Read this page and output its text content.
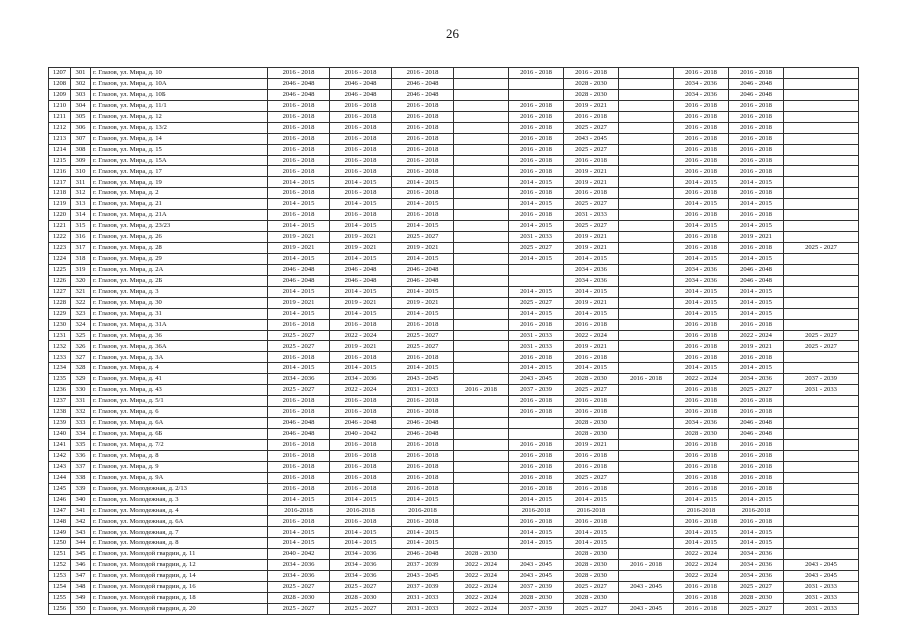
26
1207	301	г. Глазов, ул. Мира, д. 10	2016 - 2018	2016 - 2018	2016 - 2018		2016 - 2018	2016 - 2018		2016 - 2018	2016 - 2018	
1208	302	г. Глазов, ул. Мира, д. 10А	2046 - 2048	2046 - 2048	2046 - 2048			2028 - 2030		2034 - 2036	2046 - 2048	
1209	303	г. Глазов, ул. Мира, д. 10Б	2046 - 2048	2046 - 2048	2046 - 2048			2028 - 2030		2034 - 2036	2046 - 2048	
1210	304	г. Глазов, ул. Мира, д. 11/1	2016 - 2018	2016 - 2018	2016 - 2018		2016 - 2018	2019 - 2021		2016 - 2018	2016 - 2018	
1211	305	г. Глазов, ул. Мира, д. 12	2016 - 2018	2016 - 2018	2016 - 2018		2016 - 2018	2016 - 2018		2016 - 2018	2016 - 2018	
1212	306	г. Глазов, ул. Мира, д. 13/2	2016 - 2018	2016 - 2018	2016 - 2018		2016 - 2018	2025 - 2027		2016 - 2018	2016 - 2018	
1213	307	г. Глазов, ул. Мира, д. 14	2016 - 2018	2016 - 2018	2016 - 2018		2016 - 2018	2043 - 2045		2016 - 2018	2016 - 2018	
1214	308	г. Глазов, ул. Мира, д. 15	2016 - 2018	2016 - 2018	2016 - 2018		2016 - 2018	2025 - 2027		2016 - 2018	2016 - 2018	
1215	309	г. Глазов, ул. Мира, д. 15А	2016 - 2018	2016 - 2018	2016 - 2018		2016 - 2018	2016 - 2018		2016 - 2018	2016 - 2018	
1216	310	г. Глазов, ул. Мира, д. 17	2016 - 2018	2016 - 2018	2016 - 2018		2016 - 2018	2019 - 2021		2016 - 2018	2016 - 2018	
1217	311	г. Глазов, ул. Мира, д. 19	2014 - 2015	2014 - 2015	2014 - 2015		2014 - 2015	2019 - 2021		2014 - 2015	2014 - 2015	
1218	312	г. Глазов, ул. Мира, д. 2	2016 - 2018	2016 - 2018	2016 - 2018		2016 - 2018	2016 - 2018		2016 - 2018	2016 - 2018	
1219	313	г. Глазов, ул. Мира, д. 21	2014 - 2015	2014 - 2015	2014 - 2015		2014 - 2015	2025 - 2027		2014 - 2015	2014 - 2015	
1220	314	г. Глазов, ул. Мира, д. 21А	2016 - 2018	2016 - 2018	2016 - 2018		2016 - 2018	2031 - 2033		2016 - 2018	2016 - 2018	
1221	315	г. Глазов, ул. Мира, д. 23/23	2014 - 2015	2014 - 2015	2014 - 2015		2014 - 2015	2025 - 2027		2014 - 2015	2014 - 2015	
1222	316	г. Глазов, ул. Мира, д. 26	2019 - 2021	2019 - 2021	2025 - 2027		2031 - 2033	2019 - 2021		2016 - 2018	2019 - 2021	
1223	317	г. Глазов, ул. Мира, д. 28	2019 - 2021	2019 - 2021	2019 - 2021		2025 - 2027	2019 - 2021		2016 - 2018	2016 - 2018	2025 - 2027
1224	318	г. Глазов, ул. Мира, д. 29	2014 - 2015	2014 - 2015	2014 - 2015		2014 - 2015	2014 - 2015		2014 - 2015	2014 - 2015	
1225	319	г. Глазов, ул. Мира, д. 2А	2046 - 2048	2046 - 2048	2046 - 2048			2034 - 2036		2034 - 2036	2046 - 2048	
1226	320	г. Глазов, ул. Мира, д. 2Б	2046 - 2048	2046 - 2048	2046 - 2048			2034 - 2036		2034 - 2036	2046 - 2048	
1227	321	г. Глазов, ул. Мира, д. 3	2014 - 2015	2014 - 2015	2014 - 2015		2014 - 2015	2014 - 2015		2014 - 2015	2014 - 2015	
1228	322	г. Глазов, ул. Мира, д. 30	2019 - 2021	2019 - 2021	2019 - 2021		2025 - 2027	2019 - 2021		2014 - 2015	2014 - 2015	
1229	323	г. Глазов, ул. Мира, д. 31	2014 - 2015	2014 - 2015	2014 - 2015		2014 - 2015	2014 - 2015		2014 - 2015	2014 - 2015	
1230	324	г. Глазов, ул. Мира, д. 31А	2016 - 2018	2016 - 2018	2016 - 2018		2016 - 2018	2016 - 2018		2016 - 2018	2016 - 2018	
1231	325	г. Глазов, ул. Мира, д. 36	2025 - 2027	2022 - 2024	2025 - 2027		2031 - 2033	2022 - 2024		2016 - 2018	2022 - 2024	2025 - 2027
1232	326	г. Глазов, ул. Мира, д. 36А	2025 - 2027	2019 - 2021	2025 - 2027		2031 - 2033	2019 - 2021		2016 - 2018	2019 - 2021	2025 - 2027
1233	327	г. Глазов, ул. Мира, д. 3А	2016 - 2018	2016 - 2018	2016 - 2018		2016 - 2018	2016 - 2018		2016 - 2018	2016 - 2018	
1234	328	г. Глазов, ул. Мира, д. 4	2014 - 2015	2014 - 2015	2014 - 2015		2014 - 2015	2014 - 2015		2014 - 2015	2014 - 2015	
1235	329	г. Глазов, ул. Мира, д. 41	2034 - 2036	2034 - 2036	2043 - 2045		2043 - 2045	2028 - 2030	2016 - 2018	2022 - 2024	2034 - 2036	2037 - 2039
1236	330	г. Глазов, ул. Мира, д. 43	2025 - 2027	2022 - 2024	2031 - 2033	2016 - 2018	2037 - 2039	2025 - 2027		2016 - 2018	2025 - 2027	2031 - 2033
1237	331	г. Глазов, ул. Мира, д. 5/1	2016 - 2018	2016 - 2018	2016 - 2018		2016 - 2018	2016 - 2018		2016 - 2018	2016 - 2018	
1238	332	г. Глазов, ул. Мира, д. 6	2016 - 2018	2016 - 2018	2016 - 2018		2016 - 2018	2016 - 2018		2016 - 2018	2016 - 2018	
1239	333	г. Глазов, ул. Мира, д. 6А	2046 - 2048	2046 - 2048	2046 - 2048			2028 - 2030		2034 - 2036	2046 - 2048	
1240	334	г. Глазов, ул. Мира, д. 6Б	2046 - 2048	2040 - 2042	2046 - 2048			2028 - 2030		2028 - 2030	2046 - 2048	
1241	335	г. Глазов, ул. Мира, д. 7/2	2016 - 2018	2016 - 2018	2016 - 2018		2016 - 2018	2019 - 2021		2016 - 2018	2016 - 2018	
1242	336	г. Глазов, ул. Мира, д. 8	2016 - 2018	2016 - 2018	2016 - 2018		2016 - 2018	2016 - 2018		2016 - 2018	2016 - 2018	
1243	337	г. Глазов, ул. Мира, д. 9	2016 - 2018	2016 - 2018	2016 - 2018		2016 - 2018	2016 - 2018		2016 - 2018	2016 - 2018	
1244	338	г. Глазов, ул. Мира, д. 9А	2016 - 2018	2016 - 2018	2016 - 2018		2016 - 2018	2025 - 2027		2016 - 2018	2016 - 2018	
1245	339	г. Глазов, ул. Молодежная, д. 2/13	2016 - 2018	2016 - 2018	2016 - 2018		2016 - 2018	2016 - 2018		2016 - 2018	2016 - 2018	
1246	340	г. Глазов, ул. Молодежная, д. 3	2014 - 2015	2014 - 2015	2014 - 2015		2014 - 2015	2014 - 2015		2014 - 2015	2014 - 2015	
1247	341	г. Глазов, ул. Молодежная, д. 4	2016-2018	2016-2018	2016-2018		2016-2018	2016-2018		2016-2018	2016-2018	
1248	342	г. Глазов, ул. Молодежная, д. 6А	2016 - 2018	2016 - 2018	2016 - 2018		2016 - 2018	2016 - 2018		2016 - 2018	2016 - 2018	
1249	343	г. Глазов, ул. Молодежная, д. 7	2014 - 2015	2014 - 2015	2014 - 2015		2014 - 2015	2014 - 2015		2014 - 2015	2014 - 2015	
1250	344	г. Глазов, ул. Молодежная, д. 8	2014 - 2015	2014 - 2015	2014 - 2015		2014 - 2015	2014 - 2015		2014 - 2015	2014 - 2015	
1251	345	г. Глазов, ул. Молодой гвардии, д. 11	2040 - 2042	2034 - 2036	2046 - 2048	2028 - 2030		2028 - 2030		2022 - 2024	2034 - 2036	
1252	346	г. Глазов, ул. Молодой гвардии, д. 12	2034 - 2036	2034 - 2036	2037 - 2039	2022 - 2024	2043 - 2045	2028 - 2030	2016 - 2018	2022 - 2024	2034 - 2036	2043 - 2045
1253	347	г. Глазов, ул. Молодой гвардии, д. 14	2034 - 2036	2034 - 2036	2043 - 2045	2022 - 2024	2043 - 2045	2028 - 2030		2022 - 2024	2034 - 2036	2043 - 2045
1254	348	г. Глазов, ул. Молодой гвардии, д. 16	2025 - 2027	2025 - 2027	2037 - 2039	2022 - 2024	2037 - 2039	2025 - 2027	2043 - 2045	2016 - 2018	2025 - 2027	2031 - 2033
1255	349	г. Глазов, ул. Молодой гвардии, д. 18	2028 - 2030	2028 - 2030	2031 - 2033	2022 - 2024	2028 - 2030	2028 - 2030		2016 - 2018	2028 - 2030	2031 - 2033
1256	350	г. Глазов, ул. Молодой гвардии, д. 20	2025 - 2027	2025 - 2027	2031 - 2033	2022 - 2024	2037 - 2039	2025 - 2027	2043 - 2045	2016 - 2018	2025 - 2027	2031 - 2033
